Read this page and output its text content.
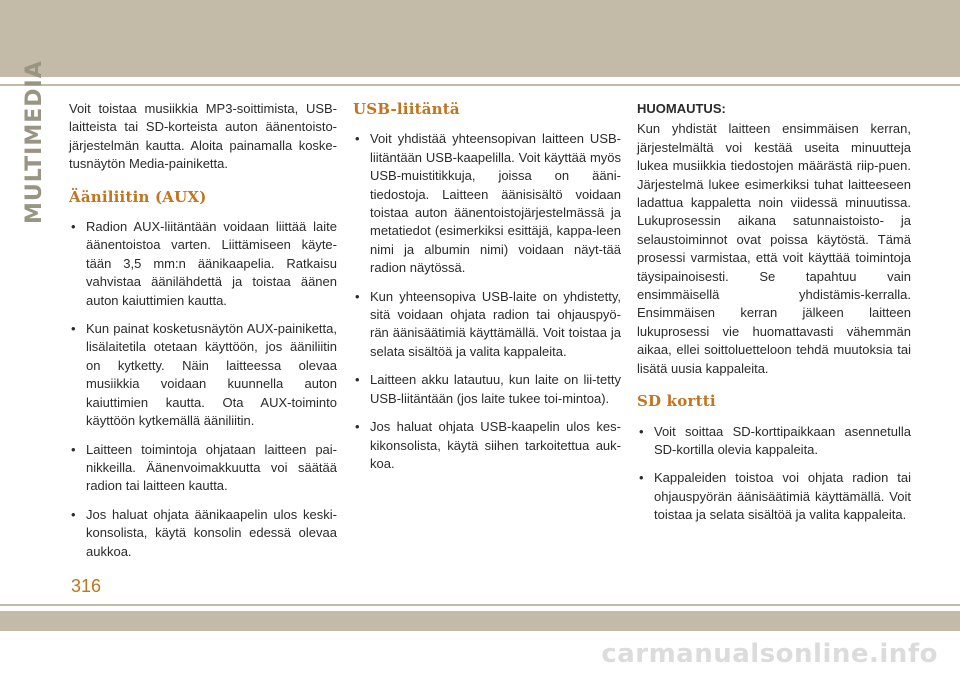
MULTIMEDIA Voit toistaa musiikkia MP3-soittimista, USB-laitteista tai SD-korteista auton äänentoisto-järjestelmän kautta. Aloita painamalla koske-tusnäytön Media-painiketta.

Ääniliitin (AUX)
• Radion AUX-liitäntään voidaan liittää laite äänentoistoa varten. Liittämiseen käyte-tään 3,5 mm:n äänikaapelia. Ratkaisu vahvistaa äänilähdettä ja toistaa äänen auton kaiuttimien kautta.
• Kun painat kosketusnäytön AUX-painiketta, lisälaitetila otetaan käyttöön, jos ääniliitin on kytketty. Näin laitteessa olevaa musiikkia voidaan kuunnella auton kaiuttimien kautta. Ota AUX-toiminto käyttöön kytkemällä ääniliitin.
• Laitteen toimintoja ohjataan laitteen pai-nikkeilla. Äänenvoimakkuutta voi säätää radion tai laitteen kautta.
• Jos haluat ohjata äänikaapelin ulos keski-konsolista, käytä konsolin edessä olevaa aukkoa.
USB-liitäntä
• Voit yhdistää yhteensopivan laitteen USB-liitäntään USB-kaapelilla. Voit käyttää myös USB-muistitikkuja, joissa on ääni-tiedostoja. Laitteen äänisisältö voidaan toistaa auton äänentoistojärjestelmässä ja metatiedot (esimerkiksi esittäjä, kappa-leen nimi ja albumin nimi) voidaan näyt-tää radion näytössä.
• Kun yhteensopiva USB-laite on yhdistetty, sitä voidaan ohjata radion tai ohjauspyö-rän äänisäätimiä käyttämällä. Voit toistaa ja selata sisältöä ja valita kappaleita.
• Laitteen akku latautuu, kun laite on lii-tetty USB-liitäntään (jos laite tukee toi-mintoa).
• Jos haluat ohjata USB-kaapelin ulos kes-kikonsolista, käytä siihen tarkoitettua auk-koa.
HUOMAUTUS:

Kun yhdistät laitteen ensimmäisen kerran, järjestelmältä voi kestää useita minuutteja lukea musiikkia tiedostojen määrästä riip-puen. Järjestelmä lukee esimerkiksi tuhat laitteeseen ladattua kappaletta noin viidessä minuutissa. Lukuprosessin aikana satunnaistoisto- ja selaustoiminnot ovat poissa käytöstä. Tämä prosessi varmistaa, että voit käyttää toimintoja täysipainoisesti. Se tapahtuu vain ensimmäisellä yhdistämis-kerralla. Ensimmäisen kerran jälkeen laitteen lukuprosessi vie huomattavasti vähemmän aikaa, ellei soittoluetteloon tehdä muutoksia tai lisätä uusia kappaleita.

SD kortti
• Voit soittaa SD-korttipaikkaan asennetulla SD-kortilla olevia kappaleita.
• Kappaleiden toistoa voi ohjata radion tai ohjauspyörän äänisäätimiä käyttämällä. Voit toistaa ja selata sisältöä ja valita kappaleita.
316
carmanualsonline.info
